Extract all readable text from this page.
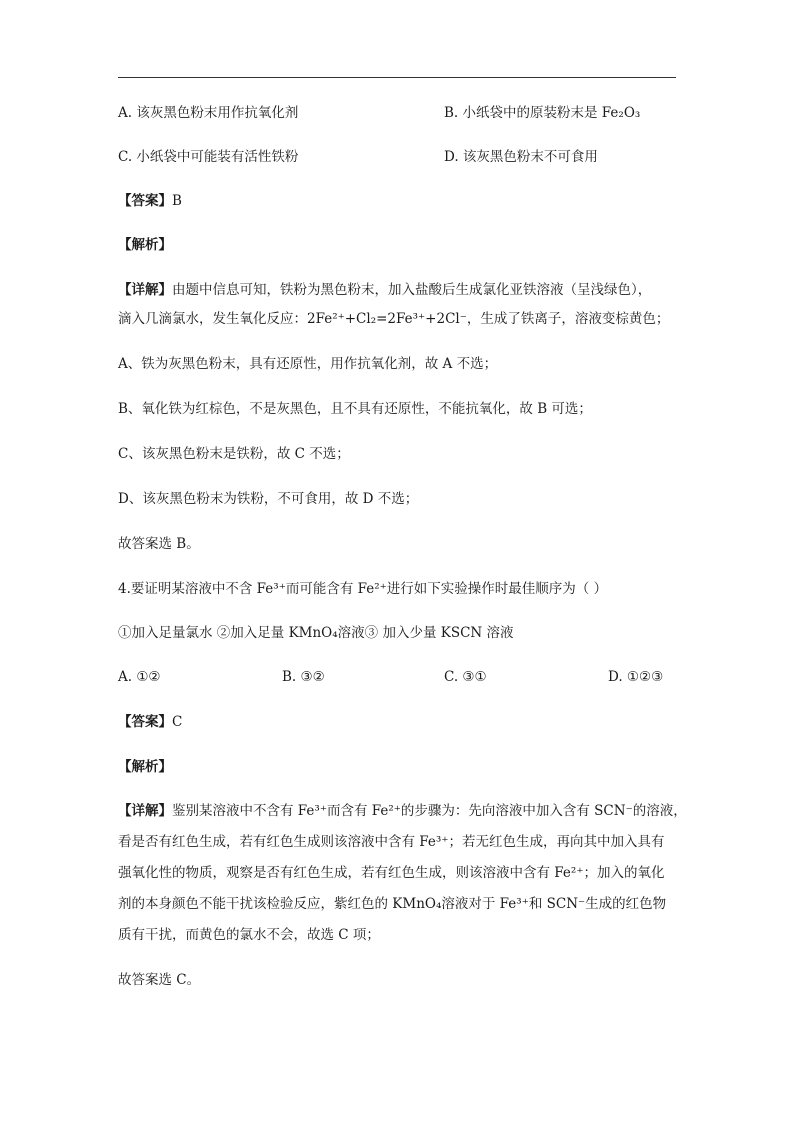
A. 该灰黑色粉末用作抗氧化剂	B. 小纸袋中的原装粉末是 Fe₂O₃
C. 小纸袋中可能装有活性铁粉	D. 该灰黑色粉末不可食用
【答案】B
【解析】
【详解】由题中信息可知，铁粉为黑色粉末，加入盐酸后生成氯化亚铁溶液（呈浅绿色），
滴入几滴氯水，发生氧化反应：2Fe²⁺+Cl₂=2Fe³⁺+2Cl⁻，生成了铁离子，溶液变棕黄色；
A、铁为灰黑色粉末，具有还原性，用作抗氧化剂，故 A 不选；
B、氧化铁为红棕色，不是灰黑色，且不具有还原性，不能抗氧化，故 B 可选；
C、该灰黑色粉末是铁粉，故 C 不选；
D、该灰黑色粉末为铁粉，不可食用，故 D 不选；
故答案选 B。
4.要证明某溶液中不含 Fe³⁺而可能含有 Fe²⁺进行如下实验操作时最佳顺序为（ ）
①加入足量氯水 ②加入足量 KMnO₄溶液③ 加入少量 KSCN 溶液
A. ①②	B. ③②	C. ③①	D. ①②③
【答案】C
【解析】
【详解】鉴别某溶液中不含有 Fe³⁺而含有 Fe²⁺的步骤为：先向溶液中加入含有 SCN⁻的溶液，
看是否有红色生成，若有红色生成则该溶液中含有 Fe³⁺；若无红色生成，再向其中加入具有
强氧化性的物质，观察是否有红色生成，若有红色生成，则该溶液中含有 Fe²⁺；加入的氧化
剂的本身颜色不能干扰该检验反应，紫红色的 KMnO₄溶液对于 Fe³⁺和 SCN⁻生成的红色物
质有干扰，而黄色的氯水不会，故选 C 项；
故答案选 C。
